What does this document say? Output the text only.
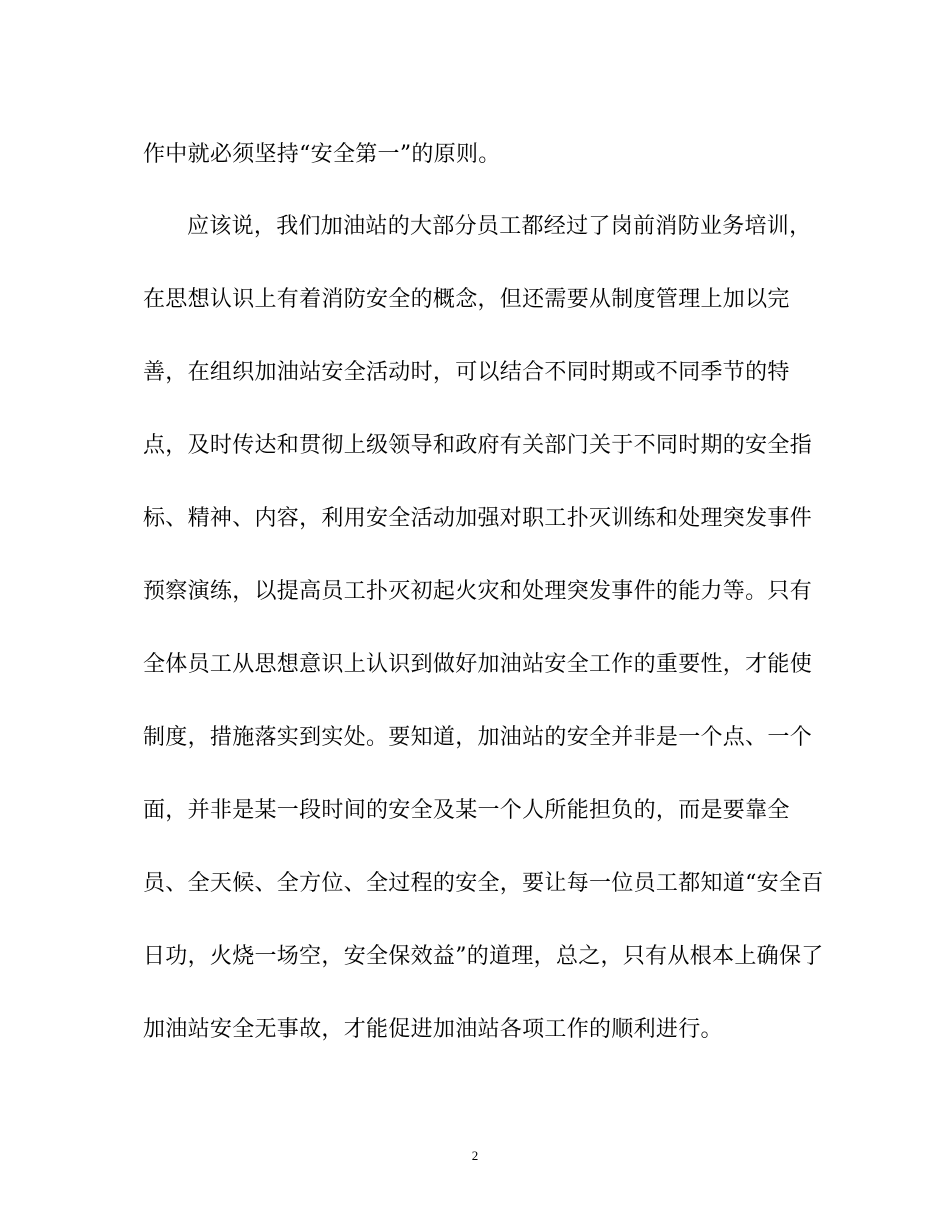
作中就必须坚持“安全第一”的原则。
应该说，我们加油站的大部分员工都经过了岗前消防业务培训，
在思想认识上有着消防安全的概念，但还需要从制度管理上加以完
善，在组织加油站安全活动时，可以结合不同时期或不同季节的特
点，及时传达和贯彻上级领导和政府有关部门关于不同时期的安全指
标、精神、内容，利用安全活动加强对职工扑灭训练和处理突发事件
预察演练，以提高员工扑灭初起火灾和处理突发事件的能力等。只有
全体员工从思想意识上认识到做好加油站安全工作的重要性，才能使
制度，措施落实到实处。要知道，加油站的安全并非是一个点、一个
面，并非是某一段时间的安全及某一个人所能担负的，而是要靠全
员、全天候、全方位、全过程的安全，要让每一位员工都知道“安全百
日功，火烧一场空，安全保效益”的道理，总之，只有从根本上确保了
加油站安全无事故，才能促进加油站各项工作的顺利进行。
2
